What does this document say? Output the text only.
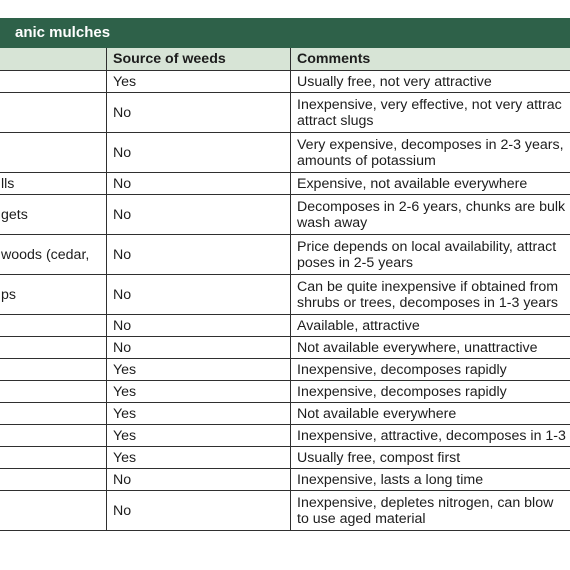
anic mulches		
	Source of weeds	Comments
	Yes	Usually free, not very attractive

	No	Inexpensive, very effective, not very attrac
attract slugs

	No	Very expensive, decomposes in 2-3 years,
amounts of potassium

lls	No	Expensive, not available everywhere

gets	No	Decomposes in 2-6 years, chunks are bulk
wash away

woods (cedar,	No	Price depends on local availability, attract
poses in 2-5 years

ps	No	Can be quite inexpensive if obtained from
shrubs or trees, decomposes in 1-3 years

	No	Available, attractive

	No	Not available everywhere, unattractive

	Yes	Inexpensive, decomposes rapidly

	Yes	Inexpensive, decomposes rapidly

	Yes	Not available everywhere

	Yes	Inexpensive, attractive, decomposes in 1-3

	Yes	Usually free, compost first

	No	Inexpensive, lasts a long time

	No	Inexpensive, depletes nitrogen, can blow
to use aged material
